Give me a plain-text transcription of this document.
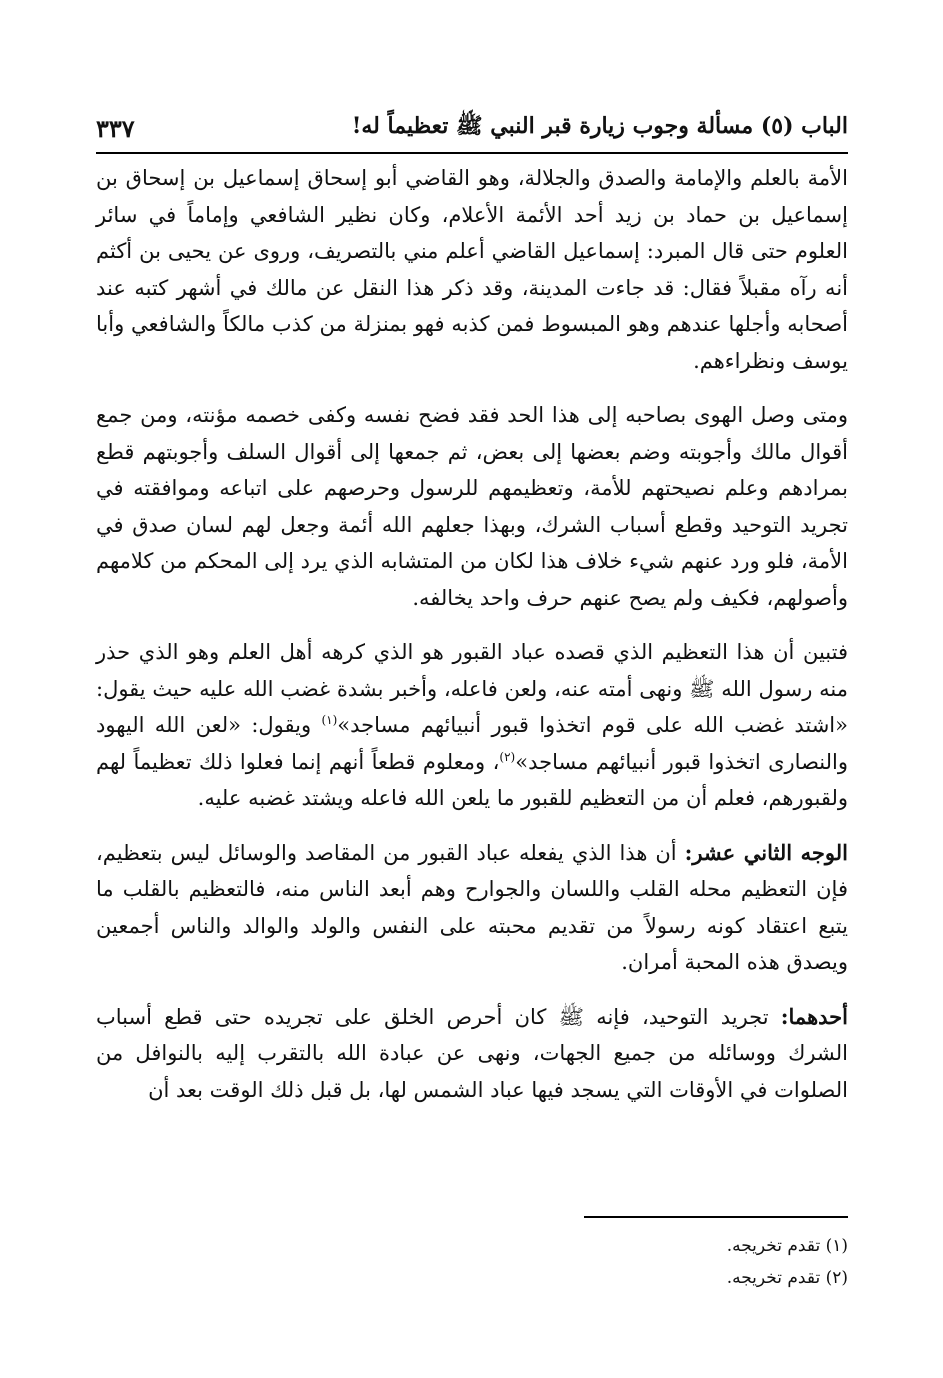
الباب (٥) مسألة وجوب زيارة قبر النبي ﷺ تعظيماً له!
٣٣٧

الأمة بالعلم والإمامة والصدق والجلالة، وهو القاضي أبو إسحاق إسماعيل بن إسحاق بن إسماعيل بن حماد بن زيد أحد الأئمة الأعلام، وكان نظير الشافعي وإماماً في سائر العلوم حتى قال المبرد: إسماعيل القاضي أعلم مني بالتصريف، وروى عن يحيى بن أكثم أنه رآه مقبلاً فقال: قد جاءت المدينة، وقد ذكر هذا النقل عن مالك في أشهر كتبه عند أصحابه وأجلها عندهم وهو المبسوط فمن كذبه فهو بمنزلة من كذب مالكاً والشافعي وأبا يوسف ونظراءهم.

ومتى وصل الهوى بصاحبه إلى هذا الحد فقد فضح نفسه وكفى خصمه مؤنته، ومن جمع أقوال مالك وأجوبته وضم بعضها إلى بعض، ثم جمعها إلى أقوال السلف وأجوبتهم قطع بمرادهم وعلم نصيحتهم للأمة، وتعظيمهم للرسول وحرصهم على اتباعه وموافقته في تجريد التوحيد وقطع أسباب الشرك، وبهذا جعلهم الله أئمة وجعل لهم لسان صدق في الأمة، فلو ورد عنهم شيء خلاف هذا لكان من المتشابه الذي يرد إلى المحكم من كلامهم وأصولهم، فكيف ولم يصح عنهم حرف واحد يخالفه.

فتبين أن هذا التعظيم الذي قصده عباد القبور هو الذي كرهه أهل العلم وهو الذي حذر منه رسول الله ﷺ ونهى أمته عنه، ولعن فاعله، وأخبر بشدة غضب الله عليه حيث يقول: «اشتد غضب الله على قوم اتخذوا قبور أنبيائهم مساجد»$^{(١)}$ ويقول: «لعن الله اليهود والنصارى اتخذوا قبور أنبيائهم مساجد»$^{(٢)}$، ومعلوم قطعاً أنهم إنما فعلوا ذلك تعظيماً لهم ولقبورهم، فعلم أن من التعظيم للقبور ما يلعن الله فاعله ويشتد غضبه عليه.

الوجه الثاني عشر: أن هذا الذي يفعله عباد القبور من المقاصد والوسائل ليس بتعظيم، فإن التعظيم محله القلب واللسان والجوارح وهم أبعد الناس منه، فالتعظيم بالقلب ما يتبع اعتقاد كونه رسولاً من تقديم محبته على النفس والولد والوالد والناس أجمعين ويصدق هذه المحبة أمران.

أحدهما: تجريد التوحيد، فإنه ﷺ كان أحرص الخلق على تجريده حتى قطع أسباب الشرك ووسائله من جميع الجهات، ونهى عن عبادة الله بالتقرب إليه بالنوافل من الصلوات في الأوقات التي يسجد فيها عباد الشمس لها، بل قبل ذلك الوقت بعد أن

(١) تقدم تخريجه.
(٢) تقدم تخريجه.
